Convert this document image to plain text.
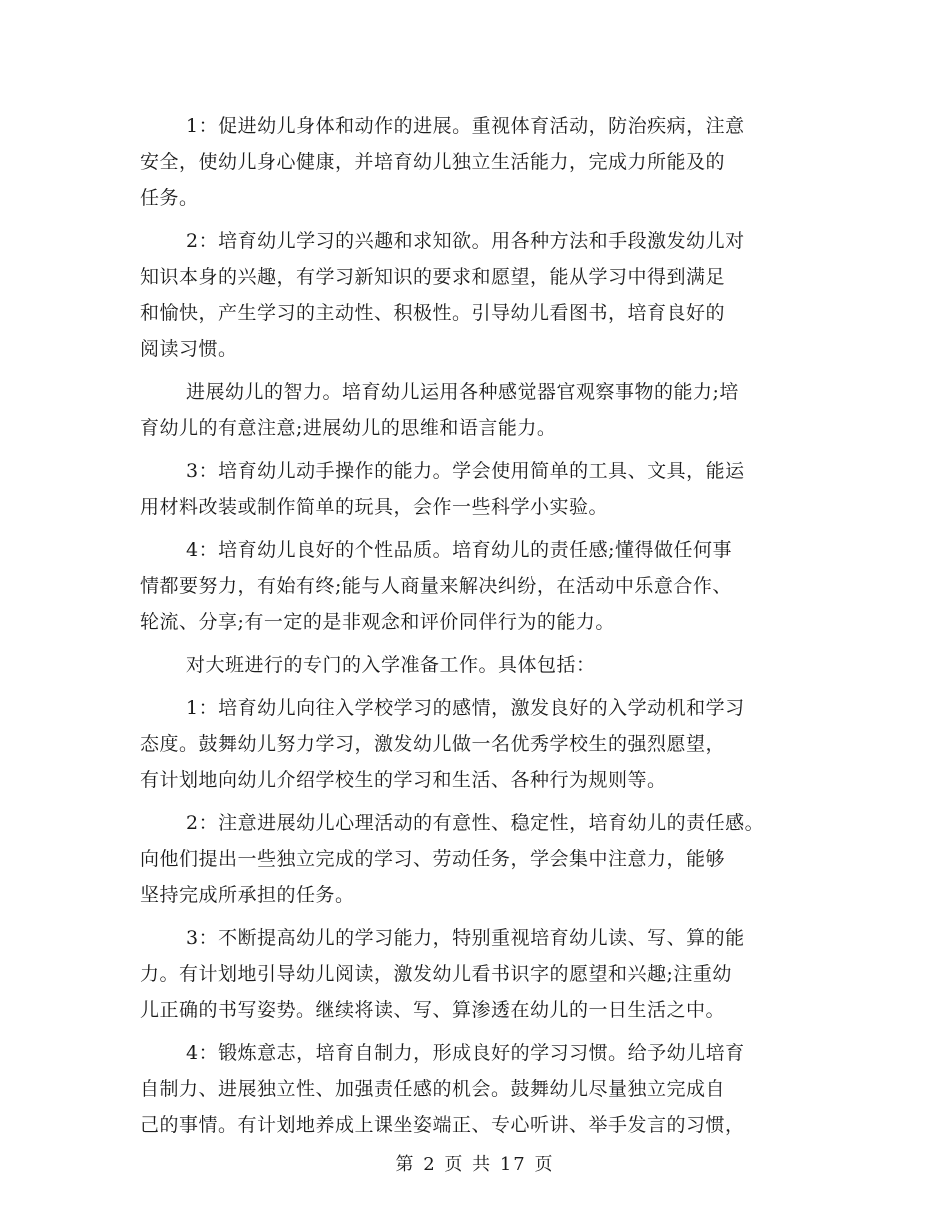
1：促进幼儿身体和动作的进展。重视体育活动，防治疾病，注意
安全，使幼儿身心健康，并培育幼儿独立生活能力，完成力所能及的
任务。
2：培育幼儿学习的兴趣和求知欲。用各种方法和手段激发幼儿对
知识本身的兴趣，有学习新知识的要求和愿望，能从学习中得到满足
和愉快，产生学习的主动性、积极性。引导幼儿看图书，培育良好的
阅读习惯。
进展幼儿的智力。培育幼儿运用各种感觉器官观察事物的能力;培
育幼儿的有意注意;进展幼儿的思维和语言能力。
3：培育幼儿动手操作的能力。学会使用简单的工具、文具，能运
用材料改装或制作简单的玩具，会作一些科学小实验。
4：培育幼儿良好的个性品质。培育幼儿的责任感;懂得做任何事
情都要努力，有始有终;能与人商量来解决纠纷，在活动中乐意合作、
轮流、分享;有一定的是非观念和评价同伴行为的能力。
对大班进行的专门的入学准备工作。具体包括：
1：培育幼儿向往入学校学习的感情，激发良好的入学动机和学习
态度。鼓舞幼儿努力学习，激发幼儿做一名优秀学校生的强烈愿望，
有计划地向幼儿介绍学校生的学习和生活、各种行为规则等。
2：注意进展幼儿心理活动的有意性、稳定性，培育幼儿的责任感。
向他们提出一些独立完成的学习、劳动任务，学会集中注意力，能够
坚持完成所承担的任务。
3：不断提高幼儿的学习能力，特别重视培育幼儿读、写、算的能
力。有计划地引导幼儿阅读，激发幼儿看书识字的愿望和兴趣;注重幼
儿正确的书写姿势。继续将读、写、算渗透在幼儿的一日生活之中。
4：锻炼意志，培育自制力，形成良好的学习习惯。给予幼儿培育
自制力、进展独立性、加强责任感的机会。鼓舞幼儿尽量独立完成自
己的事情。有计划地养成上课坐姿端正、专心听讲、举手发言的习惯，
第 2 页 共 17 页
